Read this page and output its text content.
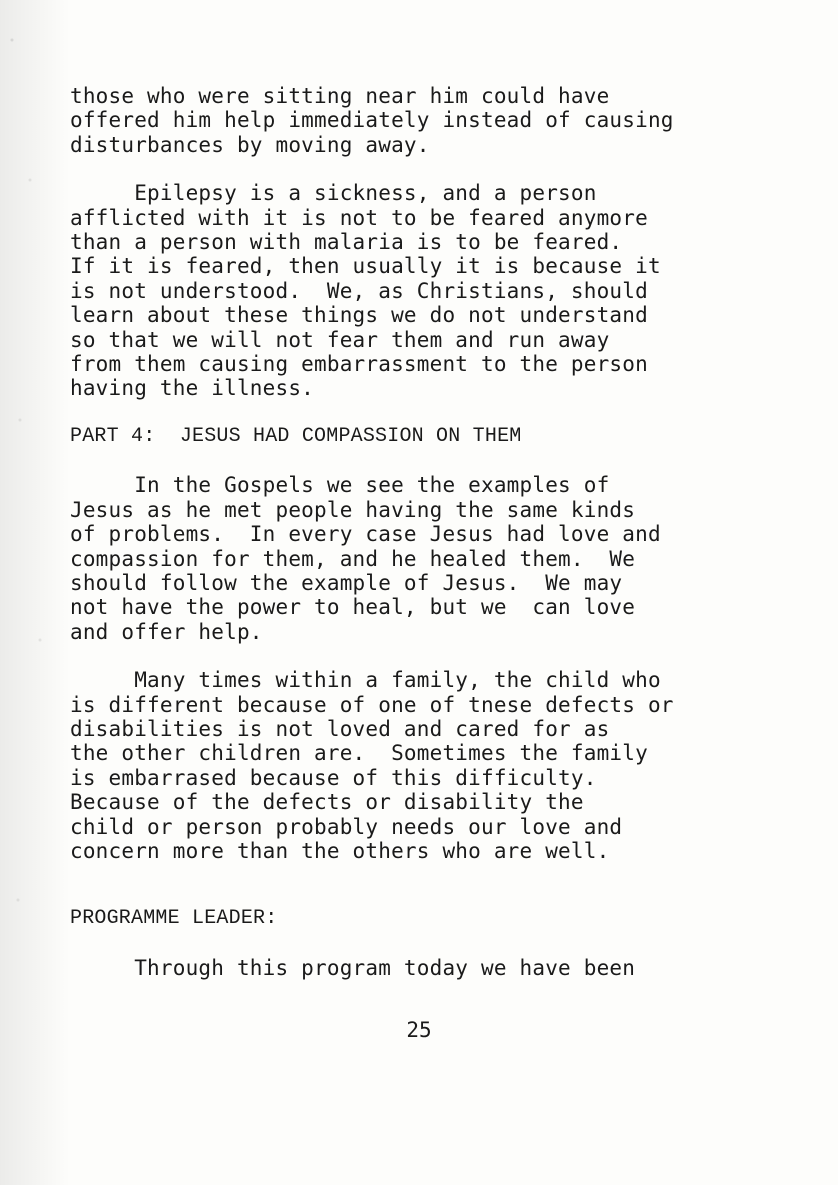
those who were sitting near him could have
offered him help immediately instead of causing
disturbances by moving away.
Epilepsy is a sickness, and a person
afflicted with it is not to be feared anymore
than a person with malaria is to be feared.
If it is feared, then usually it is because it
is not understood.  We, as Christians, should
learn about these things we do not understand
so that we will not fear them and run away
from them causing embarrassment to the person
having the illness.
PART 4:  JESUS HAD COMPASSION ON THEM
In the Gospels we see the examples of
Jesus as he met people having the same kinds
of problems.  In every case Jesus had love and
compassion for them, and he healed them.  We
should follow the example of Jesus.  We may
not have the power to heal, but we  can love
and offer help.
Many times within a family, the child who
is different because of one of tnese defects or
disabilities is not loved and cared for as
the other children are.  Sometimes the family
is embarrased because of this difficulty.
Because of the defects or disability the
child or person probably needs our love and
concern more than the others who are well.
PROGRAMME LEADER:
Through this program today we have been
25
